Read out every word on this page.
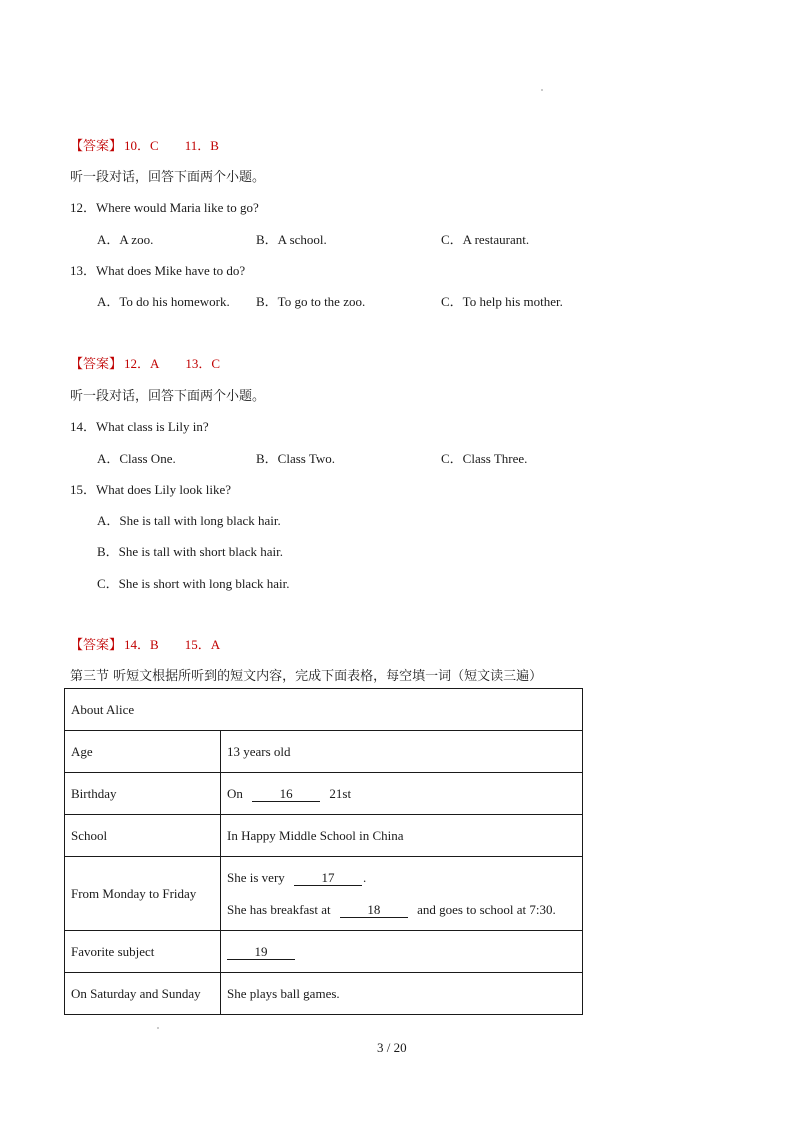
【答案】 10．C 11．B
听一段对话，回答下面两个小题。
12．Where would Maria like to go?
A．A zoo.	B．A school.	C．A restaurant.
13．What does Mike have to do?
A．To do his homework. B．To go to the zoo.	C．To help his mother.
【答案】 12．A 13．C
听一段对话，回答下面两个小题。
14．What class is Lily in?
A．Class One.	B．Class Two.	C．Class Three.
15．What does Lily look like?
A．She is tall with long black hair.
B．She is tall with short black hair.
C．She is short with long black hair.
【答案】 14．B 15．A
第三节 听短文根据所听到的短文内容，完成下面表格，每空填一词（短文读三遍）
About Alice	
Age	13 years old
Birthday	On 16 21st
School	In Happy Middle School in China
From Monday to Friday	She is very 17 .
She has breakfast at 18 and goes to school at 7:30.

Favorite subject	19
On Saturday and Sunday	She plays ball games.
3 / 20
